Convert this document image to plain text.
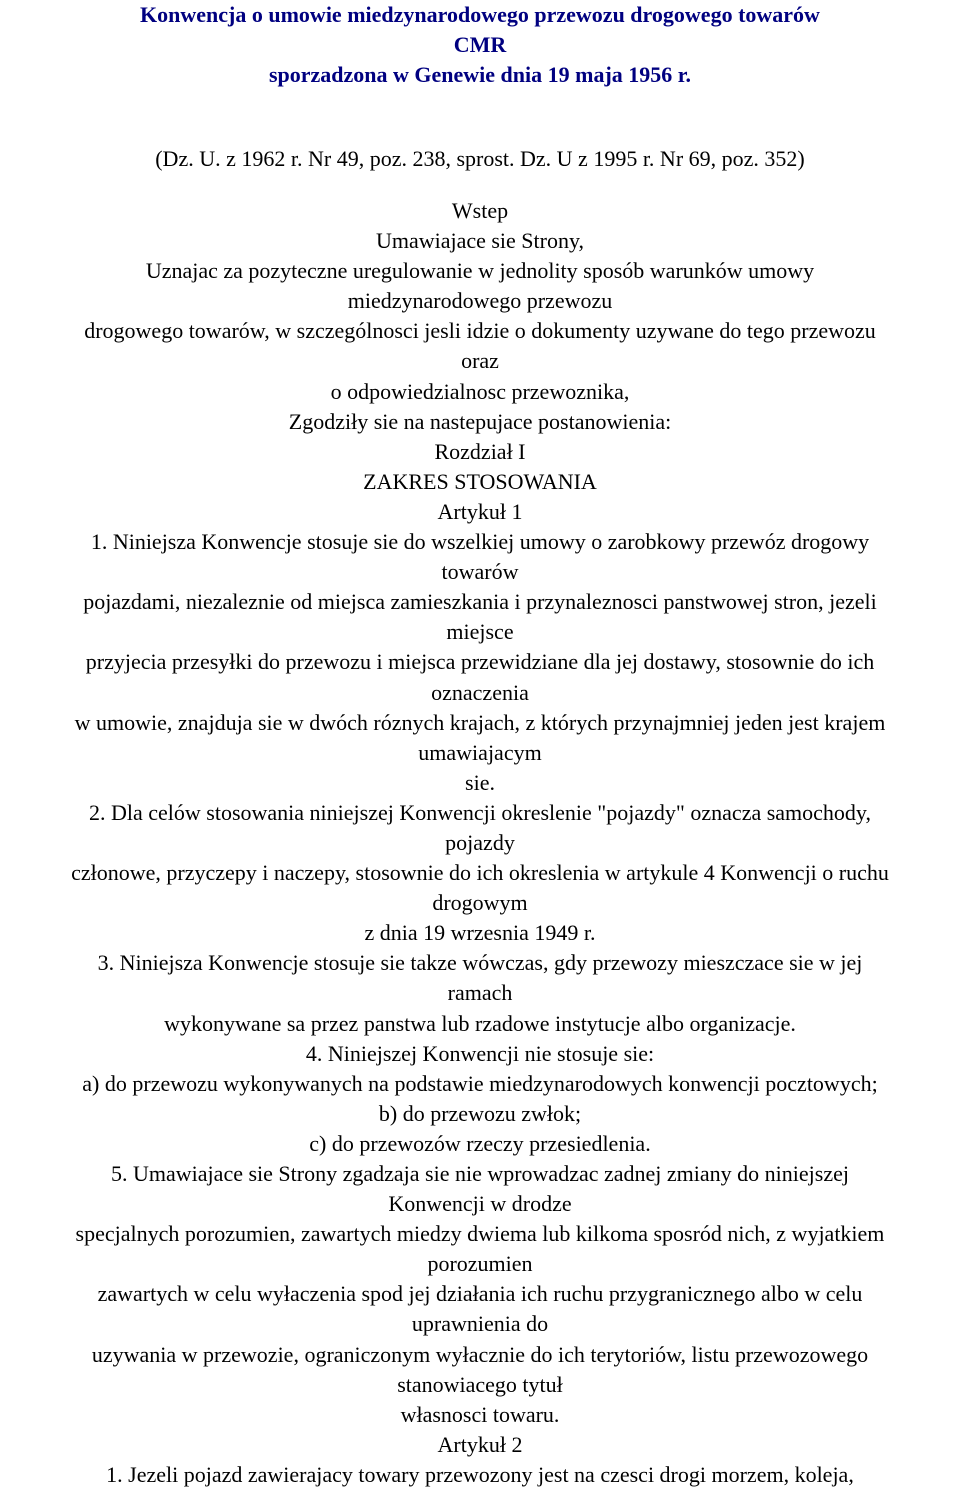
Konwencja o umowie miedzynarodowego przewozu drogowego towarów
CMR
sporzadzona w Genewie dnia 19 maja 1956 r.

(Dz. U. z 1962 r. Nr 49, poz. 238, sprost. Dz. U z 1995 r. Nr 69, poz. 352)

Wstep
Umawiajace sie Strony,
Uznajac za pozyteczne uregulowanie w jednolity sposób warunków umowy
miedzynarodowego przewozu
drogowego towarów, w szczególnosci jesli idzie o dokumenty uzywane do tego przewozu
oraz
o odpowiedzialnosc przewoznika,
Zgodziły sie na nastepujace postanowienia:
Rozdział I
ZAKRES STOSOWANIA
Artykuł 1
1. Niniejsza Konwencje stosuje sie do wszelkiej umowy o zarobkowy przewóz drogowy
towarów
pojazdami, niezaleznie od miejsca zamieszkania i przynaleznosci panstwowej stron, jezeli
miejsce
przyjecia przesyłki do przewozu i miejsca przewidziane dla jej dostawy, stosownie do ich
oznaczenia
w umowie, znajduja sie w dwóch róznych krajach, z których przynajmniej jeden jest krajem
umawiajacym
sie.
2. Dla celów stosowania niniejszej Konwencji okreslenie "pojazdy" oznacza samochody,
pojazdy
członowe, przyczepy i naczepy, stosownie do ich okreslenia w artykule 4 Konwencji o ruchu
drogowym
z dnia 19 wrzesnia 1949 r.
3. Niniejsza Konwencje stosuje sie takze wówczas, gdy przewozy mieszczace sie w jej
ramach
wykonywane sa przez panstwa lub rzadowe instytucje albo organizacje.
4. Niniejszej Konwencji nie stosuje sie:
a) do przewozu wykonywanych na podstawie miedzynarodowych konwencji pocztowych;
b) do przewozu zwłok;
c) do przewozów rzeczy przesiedlenia.
5. Umawiajace sie Strony zgadzaja sie nie wprowadzac zadnej zmiany do niniejszej
Konwencji w drodze
specjalnych porozumien, zawartych miedzy dwiema lub kilkoma sposród nich, z wyjatkiem
porozumien
zawartych w celu wyłaczenia spod jej działania ich ruchu przygranicznego albo w celu
uprawnienia do
uzywania w przewozie, ograniczonym wyłacznie do ich terytoriów, listu przewozowego
stanowiacego tytuł
własnosci towaru.
Artykuł 2
1. Jezeli pojazd zawierajacy towary przewozony jest na czesci drogi morzem, koleja,
